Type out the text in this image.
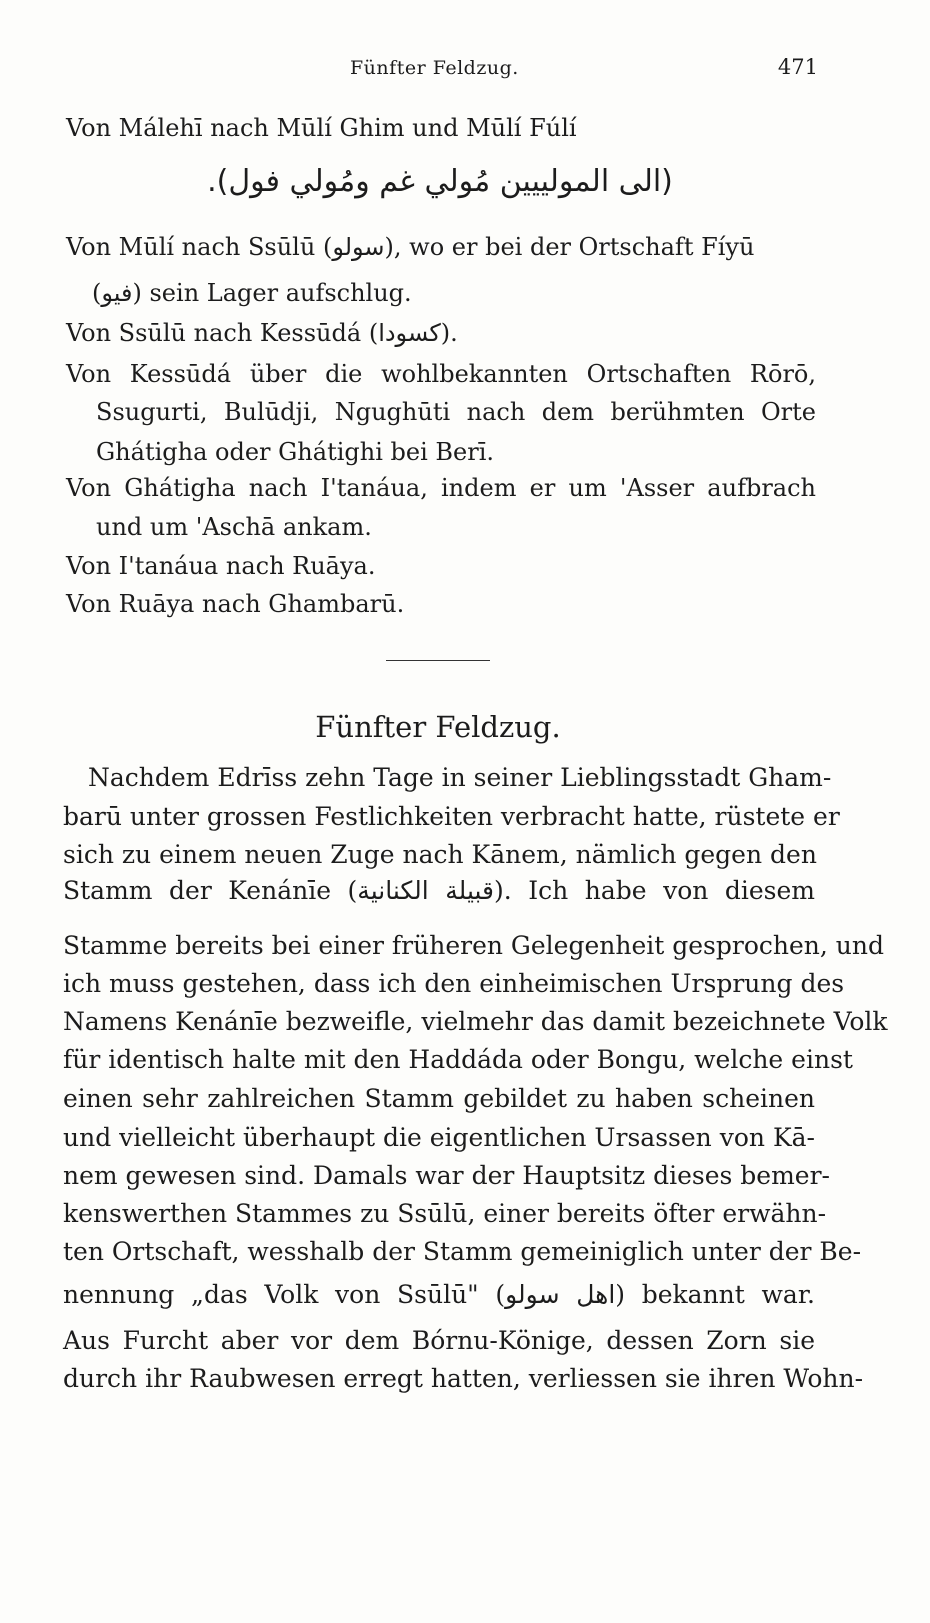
Fünfter Feldzug.	471
Von Málehī nach Mūlí Ghim und Mūlí Fúlí
(الى المولييين مُولي غم ومُولي فول).
Von Mūlí nach Ssūlū (سولو), wo er bei der Ortschaft Fíyū
(فيو) sein Lager aufschlug.
Von Ssūlū nach Kessūdá (كسودا).
Von Kessūdá über die wohlbekannten Ortschaften Rōrō,
Ssugurti, Bulūdji, Ngughūti nach dem berühmten Orte
Ghátigha oder Ghátighi bei Berī.
Von Ghátigha nach I'tanáua, indem er um 'Asser aufbrach
und um 'Aschā ankam.
Von I'tanáua nach Ruāya.
Von Ruāya nach Ghambarū.
Fünfter Feldzug.
Nachdem Edrīss zehn Tage in seiner Lieblingsstadt Gham-
barū unter grossen Festlichkeiten verbracht hatte, rüstete er
sich zu einem neuen Zuge nach Kānem, nämlich gegen den
Stamm der Kenánīe (قبيلة الكنانية). Ich habe von diesem
Stamme bereits bei einer früheren Gelegenheit gesprochen, und
ich muss gestehen, dass ich den einheimischen Ursprung des
Namens Kenánīe bezweifle, vielmehr das damit bezeichnete Volk
für identisch halte mit den Haddáda oder Bongu, welche einst
einen sehr zahlreichen Stamm gebildet zu haben scheinen
und vielleicht überhaupt die eigentlichen Ursassen von Kā-
nem gewesen sind. Damals war der Hauptsitz dieses bemer-
kenswerthen Stammes zu Ssūlū, einer bereits öfter erwähn-
ten Ortschaft, wesshalb der Stamm gemeiniglich unter der Be-
nennung „das Volk von Ssūlū" (اهل سولو) bekannt war.
Aus Furcht aber vor dem Bórnu-Könige, dessen Zorn sie
durch ihr Raubwesen erregt hatten, verliessen sie ihren Wohn-
